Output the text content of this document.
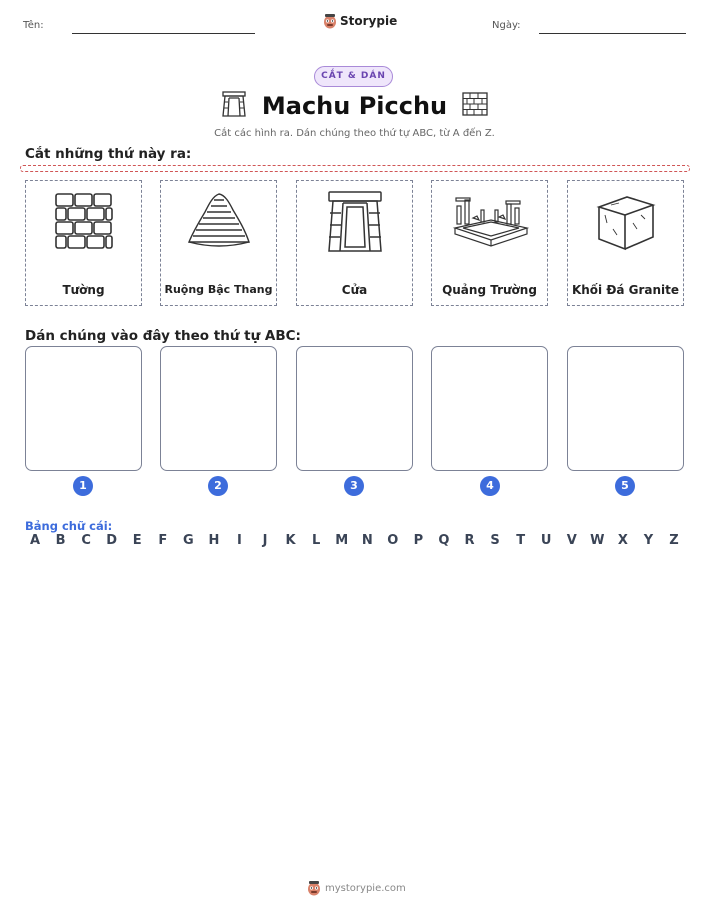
Tên:	Storypie	Ngày:
CẮT & DÁN
Machu Picchu
Cắt các hình ra. Dán chúng theo thứ tự ABC, từ A đến Z.
Cắt những thứ này ra:
Tường	Ruộng Bậc Thang	Cửa	Quảng Trường	Khối Đá Granite
Dán chúng vào đây theo thứ tự ABC:
1	2	3	4	5
Bảng chữ cái:
A	B	C	D	E	F	G	H	I	J	K	L	M	N	O	P	Q	R	S	T	U	V	W	X	Y	Z
mystorypie.com
